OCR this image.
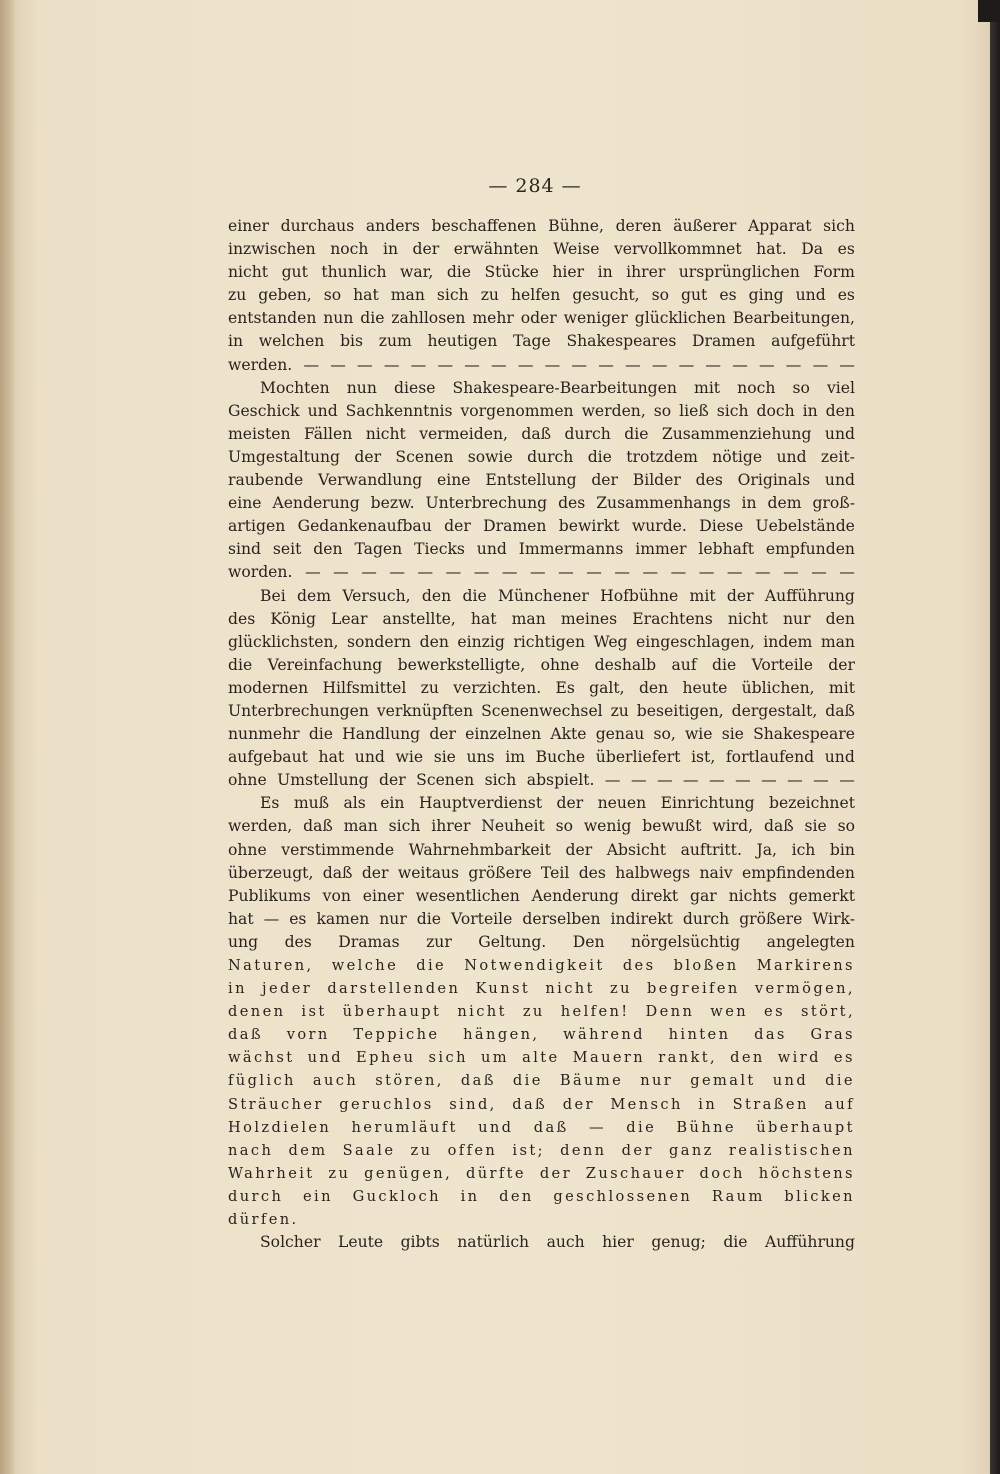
— 284 —
einer durchaus anders beschaffenen Bühne, deren äußerer Apparat sich
inzwischen noch in der erwähnten Weise vervollkommnet hat. Da es
nicht gut thunlich war, die Stücke hier in ihrer ursprünglichen Form
zu geben, so hat man sich zu helfen gesucht, so gut es ging und es
entstanden nun die zahllosen mehr oder weniger glücklichen Bearbeitungen,
in welchen bis zum heutigen Tage Shakespeares Dramen aufgeführt
werden. — — — — — — — — — — — — — — — — — — — — —
Mochten nun diese Shakespeare-Bearbeitungen mit noch so viel
Geschick und Sachkenntnis vorgenommen werden, so ließ sich doch in den
meisten Fällen nicht vermeiden, daß durch die Zusammenziehung und
Umgestaltung der Scenen sowie durch die trotzdem nötige und zeit-
raubende Verwandlung eine Entstellung der Bilder des Originals und
eine Aenderung bezw. Unterbrechung des Zusammenhangs in dem groß-
artigen Gedankenaufbau der Dramen bewirkt wurde. Diese Uebelstände
sind seit den Tagen Tiecks und Immermanns immer lebhaft empfunden
worden. — — — — — — — — — — — — — — — — — — — —
Bei dem Versuch, den die Münchener Hofbühne mit der Aufführung
des König Lear anstellte, hat man meines Erachtens nicht nur den
glücklichsten, sondern den einzig richtigen Weg eingeschlagen, indem man
die Vereinfachung bewerkstelligte, ohne deshalb auf die Vorteile der
modernen Hilfsmittel zu verzichten. Es galt, den heute üblichen, mit
Unterbrechungen verknüpften Scenenwechsel zu beseitigen, dergestalt, daß
nunmehr die Handlung der einzelnen Akte genau so, wie sie Shakespeare
aufgebaut hat und wie sie uns im Buche überliefert ist, fortlaufend und
ohne Umstellung der Scenen sich abspielt. — — — — — — — — — —
Es muß als ein Hauptverdienst der neuen Einrichtung bezeichnet
werden, daß man sich ihrer Neuheit so wenig bewußt wird, daß sie so
ohne verstimmende Wahrnehmbarkeit der Absicht auftritt. Ja, ich bin
überzeugt, daß der weitaus größere Teil des halbwegs naiv empfindenden
Publikums von einer wesentlichen Aenderung direkt gar nichts gemerkt
hat — es kamen nur die Vorteile derselben indirekt durch größere Wirk-
ung des Dramas zur Geltung. Den nörgelsüchtig angelegten
Naturen, welche die Notwendigkeit des bloßen Markirens
in jeder darstellenden Kunst nicht zu begreifen vermögen,
denen ist überhaupt nicht zu helfen! Denn wen es stört,
daß vorn Teppiche hängen, während hinten das Gras
wächst und Epheu sich um alte Mauern rankt, den wird es
füglich auch stören, daß die Bäume nur gemalt und die
Sträucher geruchlos sind, daß der Mensch in Straßen auf
Holzdielen herumläuft und daß — die Bühne überhaupt
nach dem Saale zu offen ist; denn der ganz realistischen
Wahrheit zu genügen, dürfte der Zuschauer doch höchstens
durch ein Guckloch in den geschlossenen Raum blicken
dürfen.
Solcher Leute gibts natürlich auch hier genug; die Aufführung
